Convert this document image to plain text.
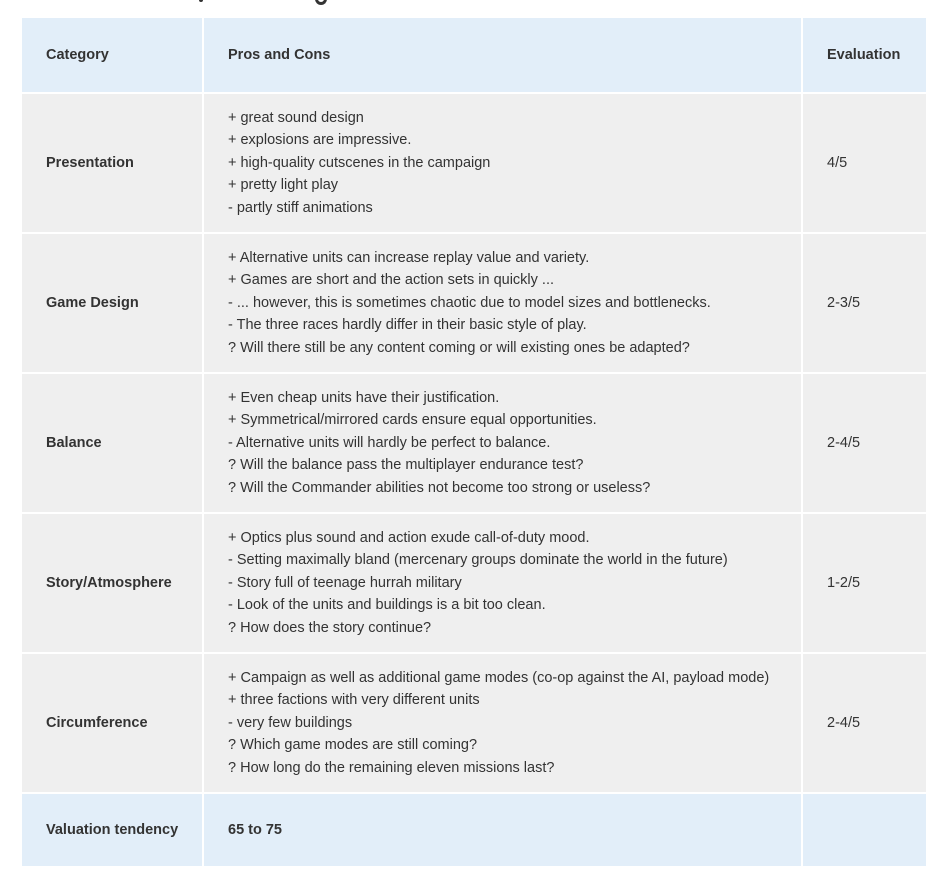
Category	Pros and Cons	Evaluation
Presentation	+ great sound design
+ explosions are impressive.
+ high-quality cutscenes in the campaign
+ pretty light play
- partly stiff animations	4/5
Game Design	+ Alternative units can increase replay value and variety.
+ Games are short and the action sets in quickly ...
- ... however, this is sometimes chaotic due to model sizes and bottlenecks.
- The three races hardly differ in their basic style of play.
? Will there still be any content coming or will existing ones be adapted?	2-3/5
Balance	+ Even cheap units have their justification.
+ Symmetrical/mirrored cards ensure equal opportunities.
- Alternative units will hardly be perfect to balance.
? Will the balance pass the multiplayer endurance test?
? Will the Commander abilities not become too strong or useless?	2-4/5
Story/Atmosphere	+ Optics plus sound and action exude call-of-duty mood.
- Setting maximally bland (mercenary groups dominate the world in the future)
- Story full of teenage hurrah military
- Look of the units and buildings is a bit too clean.
? How does the story continue?	1-2/5
Circumference	+ Campaign as well as additional game modes (co-op against the AI, payload mode)
+ three factions with very different units
- very few buildings
? Which game modes are still coming?
? How long do the remaining eleven missions last?	2-4/5
Valuation tendency	65 to 75	
